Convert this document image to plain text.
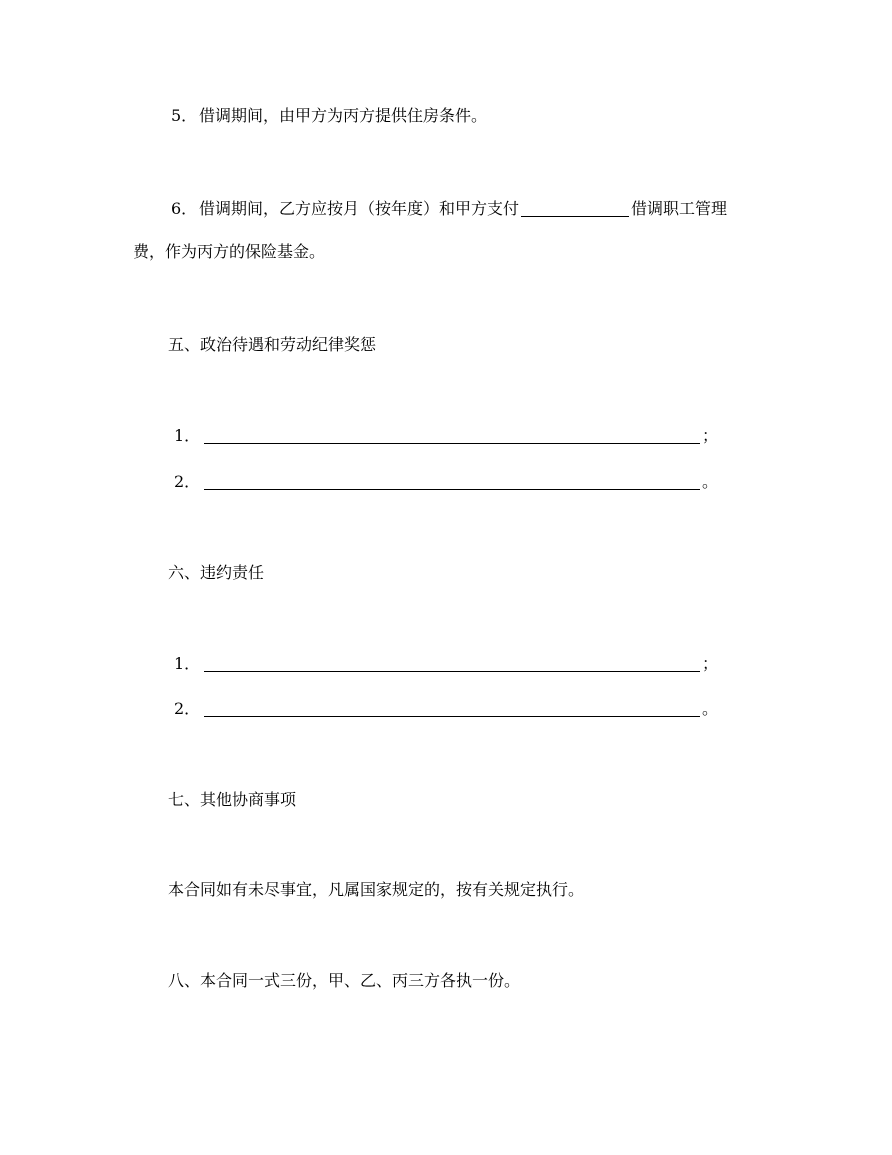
5． 借调期间，由甲方为丙方提供住房条件。
6． 借调期间，乙方应按月（按年度）和甲方支付	借调职工管理
费，作为丙方的保险基金。
五、政治待遇和劳动纪律奖惩
1．	；
2．	。
六、违约责任
1．	；
2．	。
七、其他协商事项
本合同如有未尽事宜，凡属国家规定的，按有关规定执行。
八、本合同一式三份，甲、乙、丙三方各执一份。
